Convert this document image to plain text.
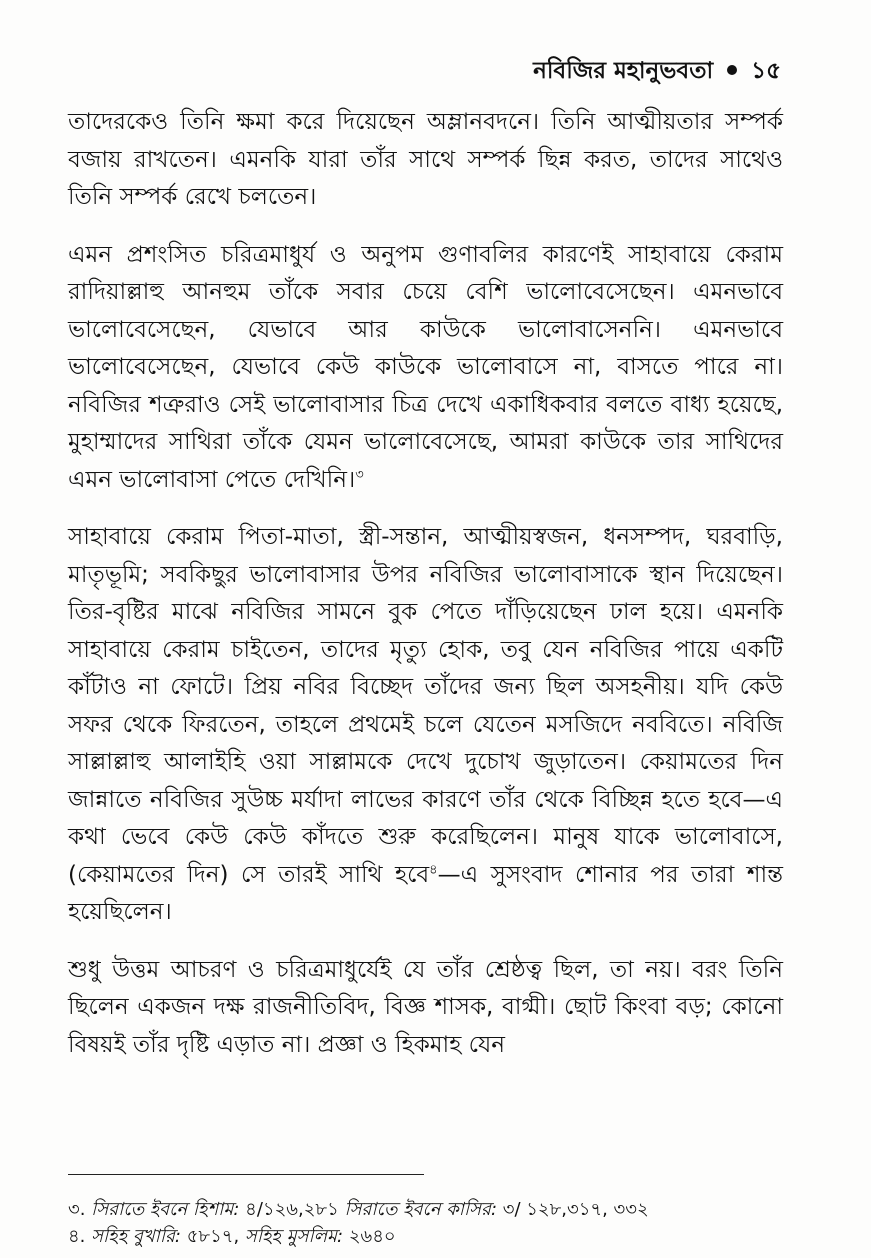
নবিজির মহানুভবতা ১৫

তাদেরকেও তিনি ক্ষমা করে দিয়েছেন অম্লানবদনে। তিনি আত্মীয়তার সম্পর্ক বজায় রাখতেন। এমনকি যারা তাঁর সাথে সম্পর্ক ছিন্ন করত, তাদের সাথেও তিনি সম্পর্ক রেখে চলতেন।

এমন প্রশংসিত চরিত্রমাধুর্য ও অনুপম গুণাবলির কারণেই সাহাবায়ে কেরাম রাদিয়াল্লাহু আনহুম তাঁকে সবার চেয়ে বেশি ভালোবেসেছেন। এমনভাবে ভালোবেসেছেন, যেভাবে আর কাউকে ভালোবাসেননি। এমনভাবে ভালোবেসেছেন, যেভাবে কেউ কাউকে ভালোবাসে না, বাসতে পারে না। নবিজির শত্রুরাও সেই ভালোবাসার চিত্র দেখে একাধিকবার বলতে বাধ্য হয়েছে, মুহাম্মাদের সাথিরা তাঁকে যেমন ভালোবেসেছে, আমরা কাউকে তার সাথিদের এমন ভালোবাসা পেতে দেখিনি।$^৩$

সাহাবায়ে কেরাম পিতা-মাতা, স্ত্রী-সন্তান, আত্মীয়স্বজন, ধনসম্পদ, ঘরবাড়ি, মাতৃভূমি; সবকিছুর ভালোবাসার উপর নবিজির ভালোবাসাকে স্থান দিয়েছেন। তির-বৃষ্টির মাঝে নবিজির সামনে বুক পেতে দাঁড়িয়েছেন ঢাল হয়ে। এমনকি সাহাবায়ে কেরাম চাইতেন, তাদের মৃত্যু হোক, তবু যেন নবিজির পায়ে একটি কাঁটাও না ফোটে। প্রিয় নবির বিচ্ছেদ তাঁদের জন্য ছিল অসহনীয়। যদি কেউ সফর থেকে ফিরতেন, তাহলে প্রথমেই চলে যেতেন মসজিদে নববিতে। নবিজি সাল্লাল্লাহু আলাইহি ওয়া সাল্লামকে দেখে দুচোখ জুড়াতেন। কেয়ামতের দিন জান্নাতে নবিজির সুউচ্চ মর্যাদা লাভের কারণে তাঁর থেকে বিচ্ছিন্ন হতে হবে—এ কথা ভেবে কেউ কেউ কাঁদতে শুরু করেছিলেন। মানুষ যাকে ভালোবাসে, (কেয়ামতের দিন) সে তারই সাথি হবে$^৪$—এ সুসংবাদ শোনার পর তারা শান্ত হয়েছিলেন।

শুধু উত্তম আচরণ ও চরিত্রমাধুর্যেই যে তাঁর শ্রেষ্ঠত্ব ছিল, তা নয়। বরং তিনি ছিলেন একজন দক্ষ রাজনীতিবিদ, বিজ্ঞ শাসক, বাগ্মী। ছোট কিংবা বড়; কোনো বিষয়ই তাঁর দৃষ্টি এড়াত না। প্রজ্ঞা ও হিকমাহ যেন

৩. সিরাতে ইবনে হিশাম: ৪/১২৬,২৮১ সিরাতে ইবনে কাসির: ৩/ ১২৮,৩১৭, ৩৩২

৪. সহিহ বুখারি: ৫৮১৭, সহিহ মুসলিম: ২৬৪০
